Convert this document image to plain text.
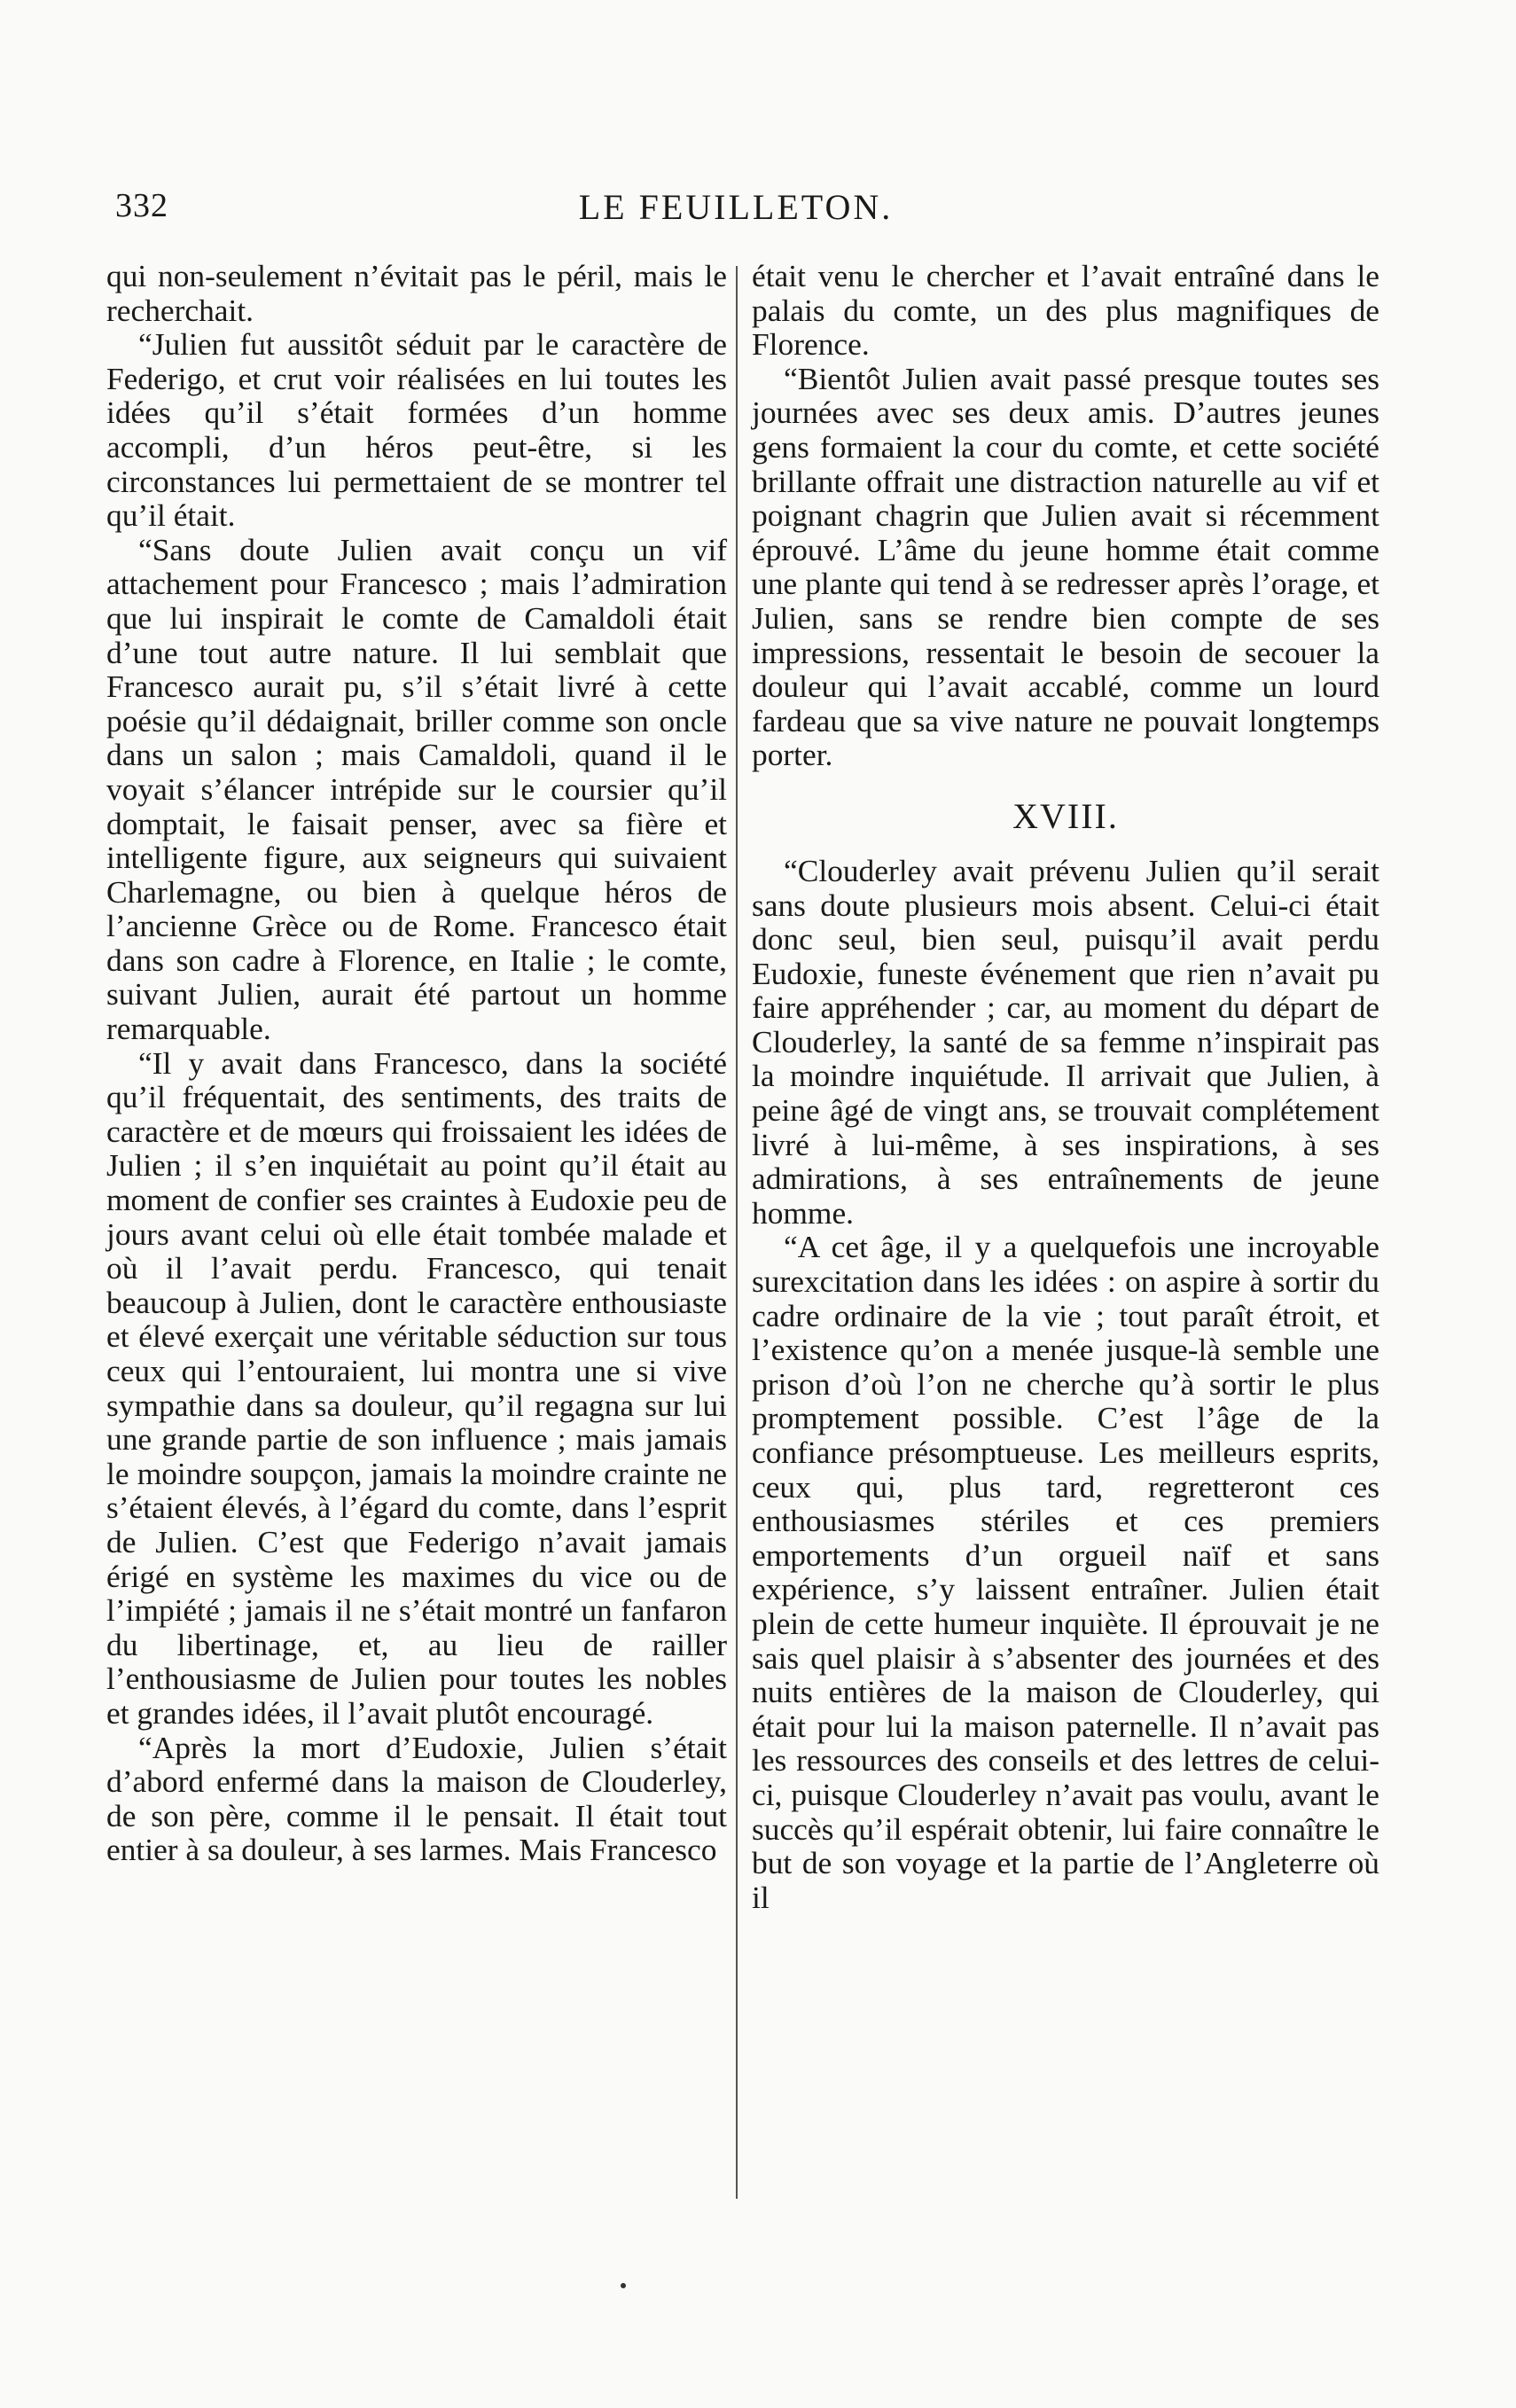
332	LE FEUILLETON.

qui non-seulement n’évitait pas le péril, mais le recherchait.

“Julien fut aussitôt séduit par le caractère de Federigo, et crut voir réalisées en lui toutes les idées qu’il s’était formées d’un homme accompli, d’un héros peut-être, si les circonstances lui permettaient de se montrer tel qu’il était.

“Sans doute Julien avait conçu un vif attachement pour Francesco ; mais l’admiration que lui inspirait le comte de Camaldoli était d’une tout autre nature. Il lui semblait que Francesco aurait pu, s’il s’était livré à cette poésie qu’il dédaignait, briller comme son oncle dans un salon ; mais Camaldoli, quand il le voyait s’élancer intrépide sur le coursier qu’il domptait, le faisait penser, avec sa fière et intelligente figure, aux seigneurs qui suivaient Charlemagne, ou bien à quelque héros de l’ancienne Grèce ou de Rome. Francesco était dans son cadre à Florence, en Italie ; le comte, suivant Julien, aurait été partout un homme remarquable.

“Il y avait dans Francesco, dans la société qu’il fréquentait, des sentiments, des traits de caractère et de mœurs qui froissaient les idées de Julien ; il s’en inquiétait au point qu’il était au moment de confier ses craintes à Eudoxie peu de jours avant celui où elle était tombée malade et où il l’avait perdu. Francesco, qui tenait beaucoup à Julien, dont le caractère enthousiaste et élevé exerçait une véritable séduction sur tous ceux qui l’entouraient, lui montra une si vive sympathie dans sa douleur, qu’il regagna sur lui une grande partie de son influence ; mais jamais le moindre soupçon, jamais la moindre crainte ne s’étaient élevés, à l’égard du comte, dans l’esprit de Julien. C’est que Federigo n’avait jamais érigé en système les maximes du vice ou de l’impiété ; jamais il ne s’était montré un fanfaron du libertinage, et, au lieu de railler l’enthousiasme de Julien pour toutes les nobles et grandes idées, il l’avait plutôt encouragé.

“Après la mort d’Eudoxie, Julien s’était d’abord enfermé dans la maison de Clouderley, de son père, comme il le pensait. Il était tout entier à sa douleur, à ses larmes. Mais Francesco

était venu le chercher et l’avait entraîné dans le palais du comte, un des plus magnifiques de Florence.

“Bientôt Julien avait passé presque toutes ses journées avec ses deux amis. D’autres jeunes gens formaient la cour du comte, et cette société brillante offrait une distraction naturelle au vif et poignant chagrin que Julien avait si récemment éprouvé. L’âme du jeune homme était comme une plante qui tend à se redresser après l’orage, et Julien, sans se rendre bien compte de ses impressions, ressentait le besoin de secouer la douleur qui l’avait accablé, comme un lourd fardeau que sa vive nature ne pouvait longtemps porter.

XVIII.

“Clouderley avait prévenu Julien qu’il serait sans doute plusieurs mois absent. Celui-ci était donc seul, bien seul, puisqu’il avait perdu Eudoxie, funeste événement que rien n’avait pu faire appréhender ; car, au moment du départ de Clouderley, la santé de sa femme n’inspirait pas la moindre inquiétude. Il arrivait que Julien, à peine âgé de vingt ans, se trouvait complétement livré à lui-même, à ses inspirations, à ses admirations, à ses entraînements de jeune homme.

“A cet âge, il y a quelquefois une incroyable surexcitation dans les idées : on aspire à sortir du cadre ordinaire de la vie ; tout paraît étroit, et l’existence qu’on a menée jusque-là semble une prison d’où l’on ne cherche qu’à sortir le plus promptement possible. C’est l’âge de la confiance présomptueuse. Les meilleurs esprits, ceux qui, plus tard, regretteront ces enthousiasmes stériles et ces premiers emportements d’un orgueil naïf et sans expérience, s’y laissent entraîner. Julien était plein de cette humeur inquiète. Il éprouvait je ne sais quel plaisir à s’absenter des journées et des nuits entières de la maison de Clouderley, qui était pour lui la maison paternelle. Il n’avait pas les ressources des conseils et des lettres de celui-ci, puisque Clouderley n’avait pas voulu, avant le succès qu’il espérait obtenir, lui faire connaître le but de son voyage et la partie de l’Angleterre où il
